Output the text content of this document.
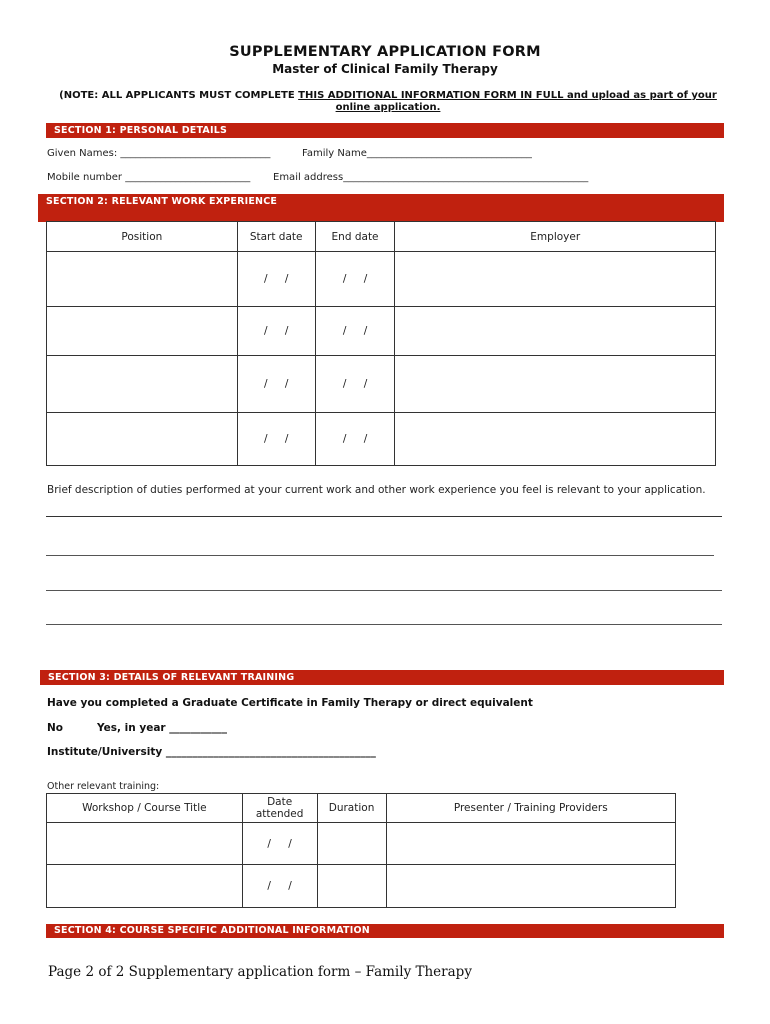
SUPPLEMENTARY APPLICATION FORM
Master of Clinical Family Therapy
(NOTE: ALL APPLICANTS MUST COMPLETE THIS ADDITIONAL INFORMATION FORM IN FULL and upload as part of your online application.
SECTION 1: PERSONAL DETAILS
Given Names: ______________________________	Family Name_________________________________
Mobile number _________________________ Email address_________________________________________________
SECTION 2: RELEVANT WORK EXPERIENCE
Position	Start date	End date	Employer
	/ /	/ /	
	/ /	/ /	
	/ /	/ /	
	/ /	/ /	
Brief description of duties performed at your current work and other work experience you feel is relevant to your application.
SECTION 3: DETAILS OF RELEVANT TRAINING
Have you completed a Graduate Certificate in Family Therapy or direct equivalent
No	Yes, in year ___________
Institute/University ________________________________________
Other relevant training:
Workshop / Course Title	Date attended	Duration	Presenter / Training Providers
	/ /		
	/ /		
SECTION 4: COURSE SPECIFIC ADDITIONAL INFORMATION
Page 2 of 2 Supplementary application form – Family Therapy
